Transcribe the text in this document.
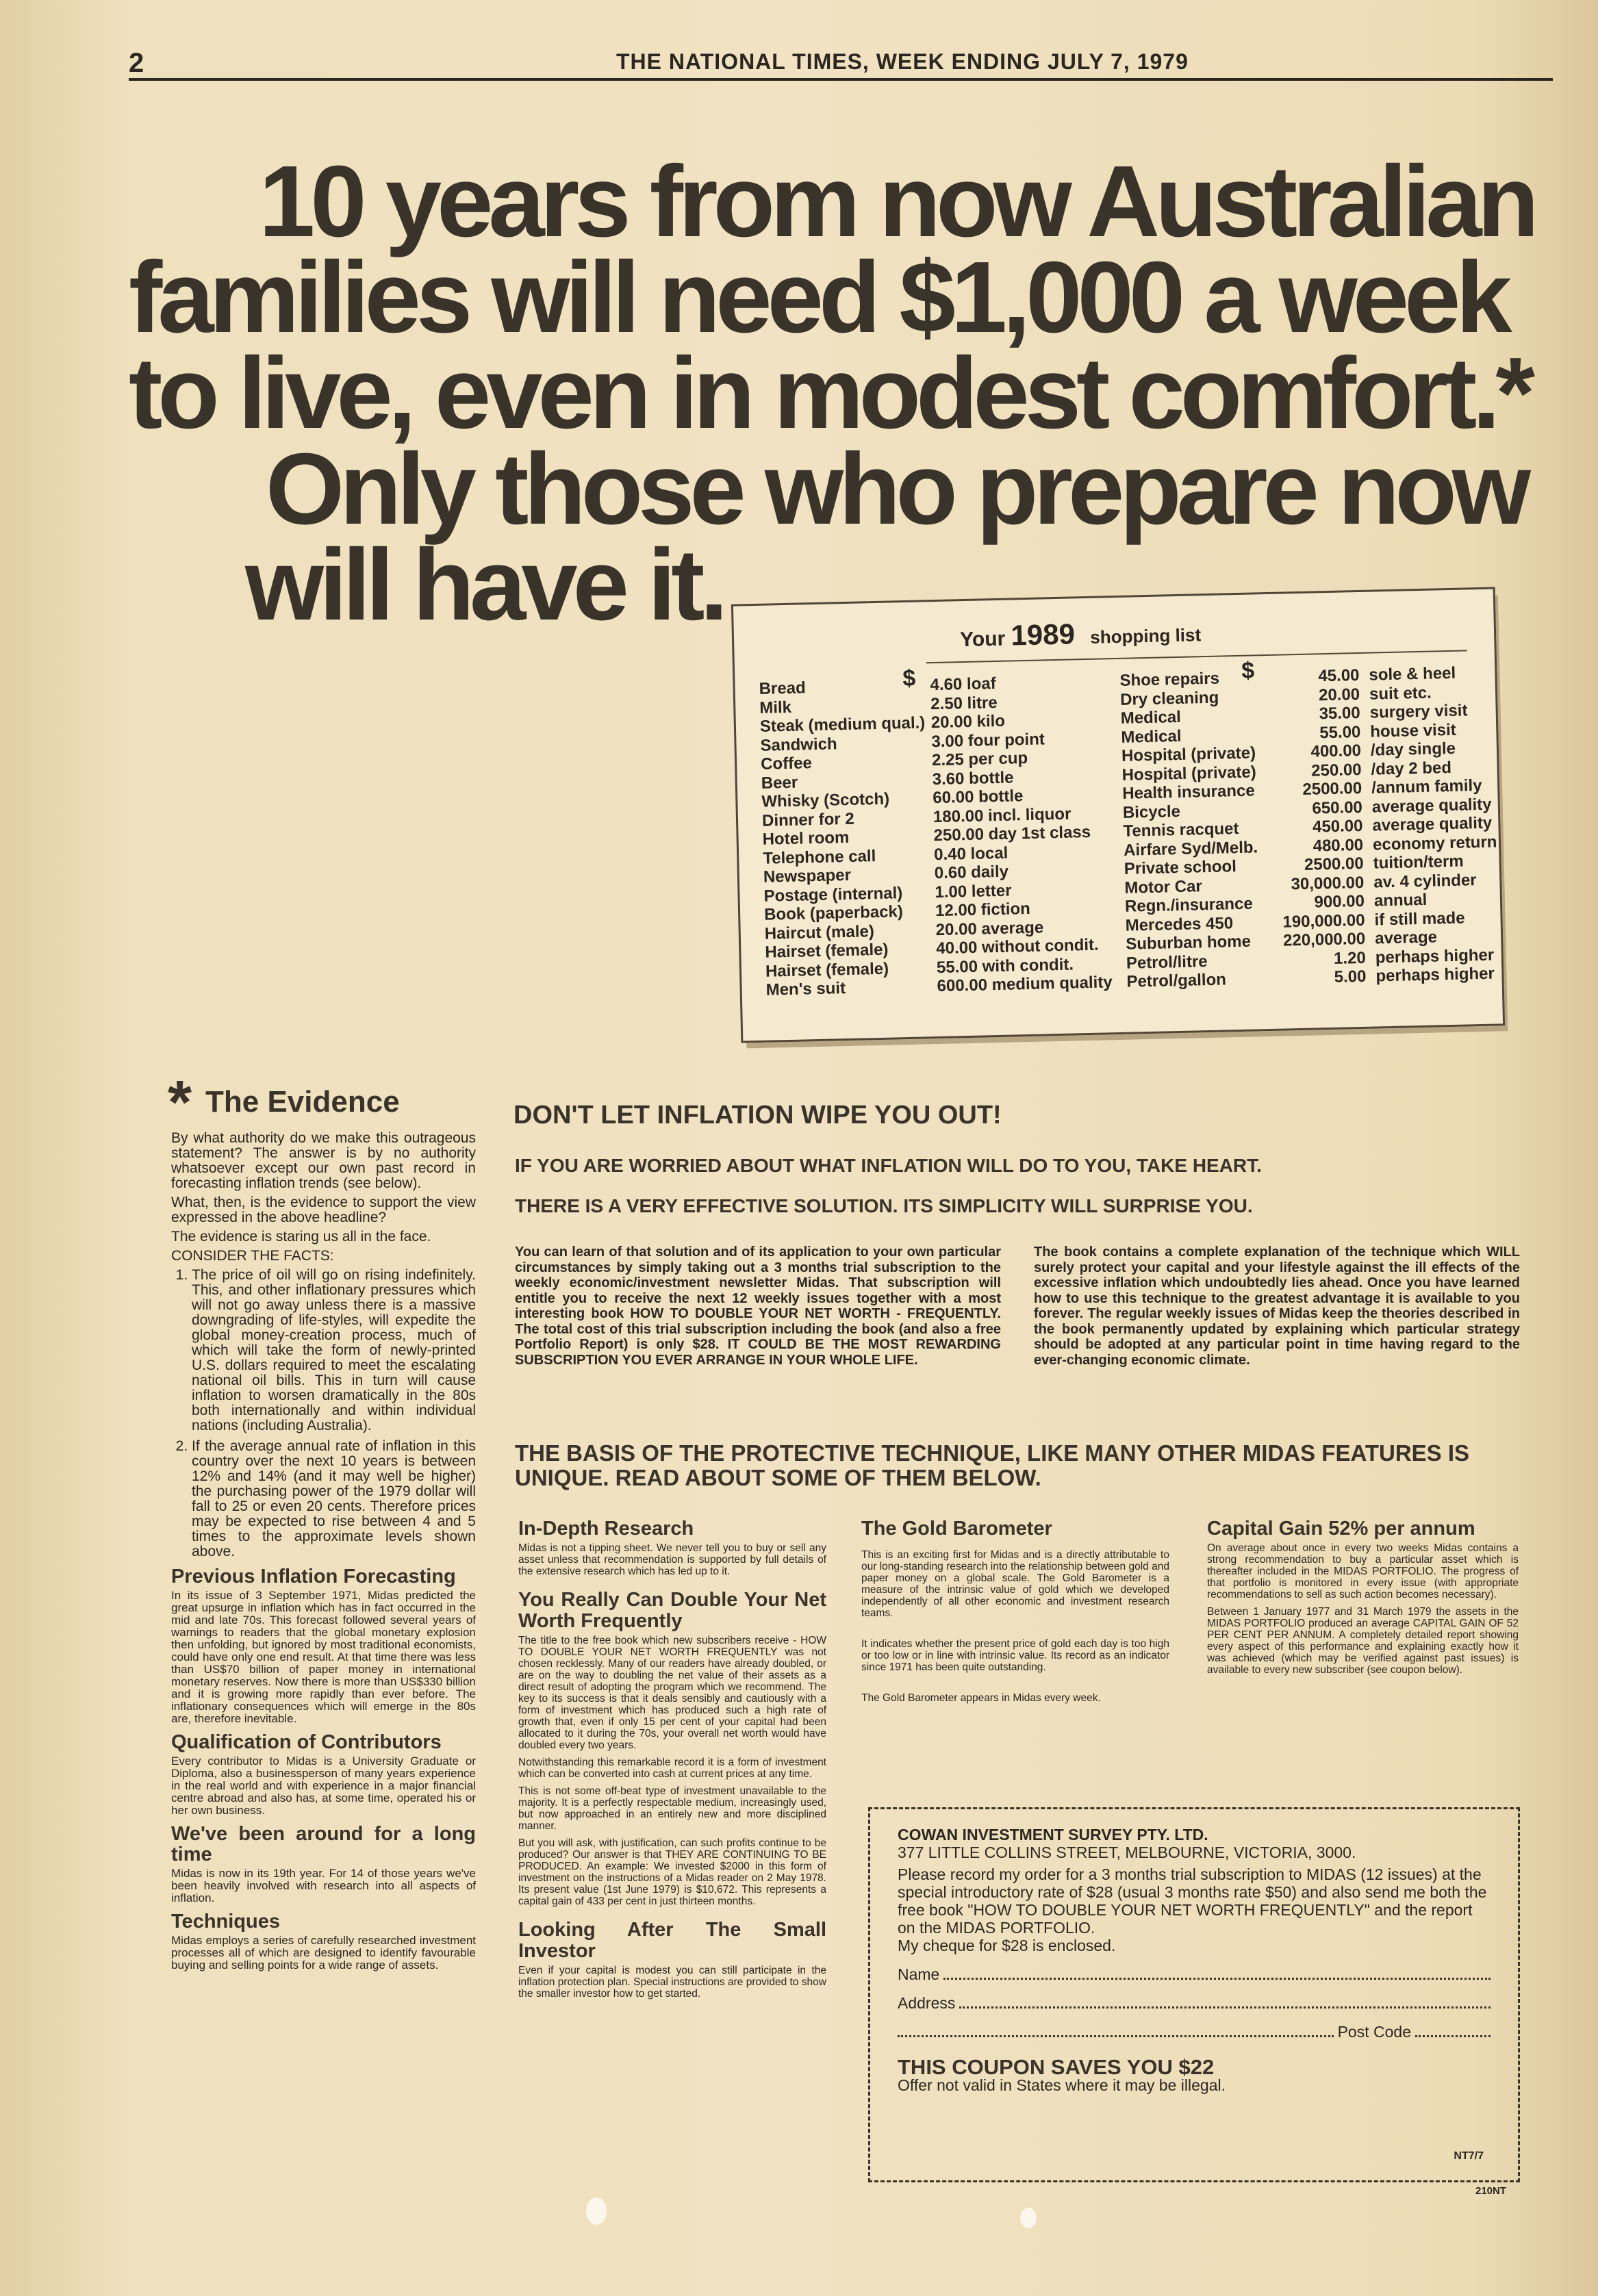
2	THE NATIONAL TIMES, WEEK ENDING JULY 7, 1979
10 years from now Australian
families will need $1,000 a week
to live, even in modest comfort.*
Only those who prepare now
will have it.	Your 1989 shopping list
$	$
Bread	4.60 loaf
Milk	2.50 litre
Steak (medium qual.) 20.00 kilo
Sandwich	3.00 four point
Coffee	2.25 per cup
Beer	3.60 bottle
Whisky (Scotch)	60.00 bottle
Dinner for 2	180.00 incl. liquor
Hotel room	250.00 day 1st class
Telephone call	0.40 local
Newspaper	0.60 daily
Postage (internal)	1.00 letter
Book (paperback)	12.00 fiction
Haircut (male)	20.00 average
Hairset (female)	40.00 without condit.
Hairset (female)	55.00 with condit.
Men's suit	600.00 medium quality
Shoe repairs	45.00 sole & heel
Dry cleaning	20.00 suit etc.
Medical	35.00 surgery visit
Medical	55.00 house visit
Hospital (private)	400.00 /day single
Hospital (private)	250.00 /day 2 bed
Health insurance	2500.00 /annum family
Bicycle	650.00 average quality
Tennis racquet	450.00 average quality
Airfare Syd/Melb.	480.00 economy return
Private school	2500.00 tuition/term
Motor Car	30,000.00 av. 4 cylinder
Regn./insurance	900.00 annual
Mercedes 450	190,000.00 if still made
Suburban home	220,000.00 average
Petrol/litre	1.20 perhaps higher
Petrol/gallon	5.00 perhaps higher
* The Evidence

By what authority do we make this outrageous statement? The answer is by no authority whatsoever except our own past record in forecasting inflation trends (see below).

What, then, is the evidence to support the view expressed in the above headline?

The evidence is staring us all in the face.

CONSIDER THE FACTS:

1. The price of oil will go on rising indefinitely. This, and other inflationary pressures which will not go away unless there is a massive downgrading of life-styles, will expedite the global money-creation process, much of which will take the form of newly-printed U.S. dollars required to meet the escalating national oil bills. This in turn will cause inflation to worsen dramatically in the 80s both internationally and within individual nations (including Australia).
2. If the average annual rate of inflation in this country over the next 10 years is between 12% and 14% (and it may well be higher) the purchasing power of the 1979 dollar will fall to 25 or even 20 cents. Therefore prices may be expected to rise between 4 and 5 times to the approximate levels shown above.
Previous Inflation Forecasting

In its issue of 3 September 1971, Midas predicted the great upsurge in inflation which has in fact occurred in the mid and late 70s. This forecast followed several years of warnings to readers that the global monetary explosion then unfolding, but ignored by most traditional economists, could have only one end result. At that time there was less than US$70 billion of paper money in international monetary reserves. Now there is more than US$330 billion and it is growing more rapidly than ever before. The inflationary consequences which will emerge in the 80s are, therefore inevitable.

Qualification of Contributors

Every contributor to Midas is a University Graduate or Diploma, also a businessperson of many years experience in the real world and with experience in a major financial centre abroad and also has, at some time, operated his or her own business.

We've been around for a long time

Midas is now in its 19th year. For 14 of those years we've been heavily involved with research into all aspects of inflation.

Techniques

Midas employs a series of carefully researched investment processes all of which are designed to identify favourable buying and selling points for a wide range of assets.

DON'T LET INFLATION WIPE YOU OUT!
IF YOU ARE WORRIED ABOUT WHAT INFLATION WILL DO TO YOU, TAKE HEART.
THERE IS A VERY EFFECTIVE SOLUTION. ITS SIMPLICITY WILL SURPRISE YOU.
You can learn of that solution and of its application to your own particular circumstances by simply taking out a 3 months trial subscription to the weekly economic/investment newsletter Midas. That subscription will entitle you to receive the next 12 weekly issues together with a most interesting book HOW TO DOUBLE YOUR NET WORTH - FREQUENTLY. The total cost of this trial subscription including the book (and also a free Portfolio Report) is only $28. IT COULD BE THE MOST REWARDING SUBSCRIPTION YOU EVER ARRANGE IN YOUR WHOLE LIFE.
The book contains a complete explanation of the technique which WILL surely protect your capital and your lifestyle against the ill effects of the excessive inflation which undoubtedly lies ahead. Once you have learned how to use this technique to the greatest advantage it is available to you forever. The regular weekly issues of Midas keep the theories described in the book permanently updated by explaining which particular strategy should be adopted at any particular point in time having regard to the ever-changing economic climate.
THE BASIS OF THE PROTECTIVE TECHNIQUE, LIKE MANY OTHER MIDAS FEATURES IS UNIQUE. READ ABOUT SOME OF THEM BELOW.
In-Depth Research

Midas is not a tipping sheet. We never tell you to buy or sell any asset unless that recommendation is supported by full details of the extensive research which has led up to it.

You Really Can Double Your Net Worth Frequently

The title to the free book which new subscribers receive - HOW TO DOUBLE YOUR NET WORTH FREQUENTLY was not chosen recklessly. Many of our readers have already doubled, or are on the way to doubling the net value of their assets as a direct result of adopting the program which we recommend. The key to its success is that it deals sensibly and cautiously with a form of investment which has produced such a high rate of growth that, even if only 15 per cent of your capital had been allocated to it during the 70s, your overall net worth would have doubled every two years.

Notwithstanding this remarkable record it is a form of investment which can be converted into cash at current prices at any time.

This is not some off-beat type of investment unavailable to the majority. It is a perfectly respectable medium, increasingly used, but now approached in an entirely new and more disciplined manner.

But you will ask, with justification, can such profits continue to be produced? Our answer is that THEY ARE CONTINUING TO BE PRODUCED. An example: We invested $2000 in this form of investment on the instructions of a Midas reader on 2 May 1978. Its present value (1st June 1979) is $10,672. This represents a capital gain of 433 per cent in just thirteen months.

Looking After The Small Investor

Even if your capital is modest you can still participate in the inflation protection plan. Special instructions are provided to show the smaller investor how to get started.

The Gold Barometer

This is an exciting first for Midas and is a directly attributable to our long-standing research into the relationship between gold and paper money on a global scale. The Gold Barometer is a measure of the intrinsic value of gold which we developed independently of all other economic and investment research teams.

It indicates whether the present price of gold each day is too high or too low or in line with intrinsic value. Its record as an indicator since 1971 has been quite outstanding.

The Gold Barometer appears in Midas every week.

Capital Gain 52% per annum

On average about once in every two weeks Midas contains a strong recommendation to buy a particular asset which is thereafter included in the MIDAS PORTFOLIO. The progress of that portfolio is monitored in every issue (with appropriate recommendations to sell as such action becomes necessary).

Between 1 January 1977 and 31 March 1979 the assets in the MIDAS PORTFOLIO produced an average CAPITAL GAIN OF 52 PER CENT PER ANNUM. A completely detailed report showing every aspect of this performance and explaining exactly how it was achieved (which may be verified against past issues) is available to every new subscriber (see coupon below).

COWAN INVESTMENT SURVEY PTY. LTD.
377 LITTLE COLLINS STREET, MELBOURNE, VICTORIA, 3000.
Please record my order for a 3 months trial subscription to MIDAS (12 issues) at the special introductory rate of $28 (usual 3 months rate $50) and also send me both the free book "HOW TO DOUBLE YOUR NET WORTH FREQUENTLY" and the report on the MIDAS PORTFOLIO.
My cheque for $28 is enclosed.
Name
Address
Post Code
THIS COUPON SAVES YOU $22
Offer not valid in States where it may be illegal.
NT7/7
210NT
